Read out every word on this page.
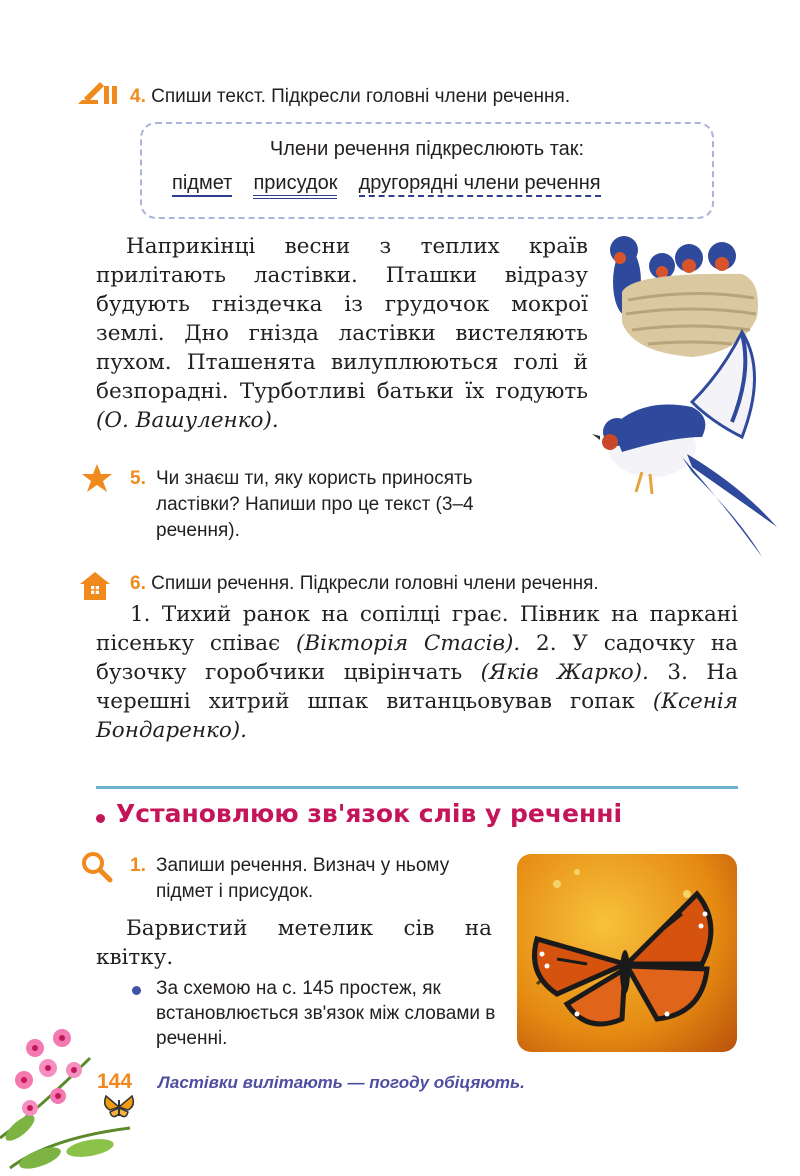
4. Спиши текст. Підкресли головні члени речення.
Члени речення підкреслюють так:
підмет присудок другорядні члени речення
Наприкінці весни з теплих країв прилітають ластівки. Пташки відразу будують гніздечка із грудочок мокрої землі. Дно гнізда ластівки вистеляють пухом. Пташенята вилуплюються голі й безпорадні. Турботливі батьки їх годують (О. Вашуленко).
5. Чи знаєш ти, яку користь приносять ластівки? Напиши про це текст (3–4 речення).
6. Спиши речення. Підкресли головні члени речення.
1. Тихий ранок на сопілці грає. Півник на паркані пісеньку співає (Вікторія Стасів). 2. У садочку на бузочку горобчики цвірінчать (Яків Жарко). 3. На черешні хитрий шпак витанцьовував гопак (Ксенія Бондаренко).
Установлюю зв'язок слів у реченні
1. Запиши речення. Визнач у ньому підмет і присудок.
Барвистий метелик сів на квітку.
За схемою на с. 145 простеж, як встановлюється зв'язок між словами в реченні.
144 Ластівки вилітають — погоду обіцяють.
